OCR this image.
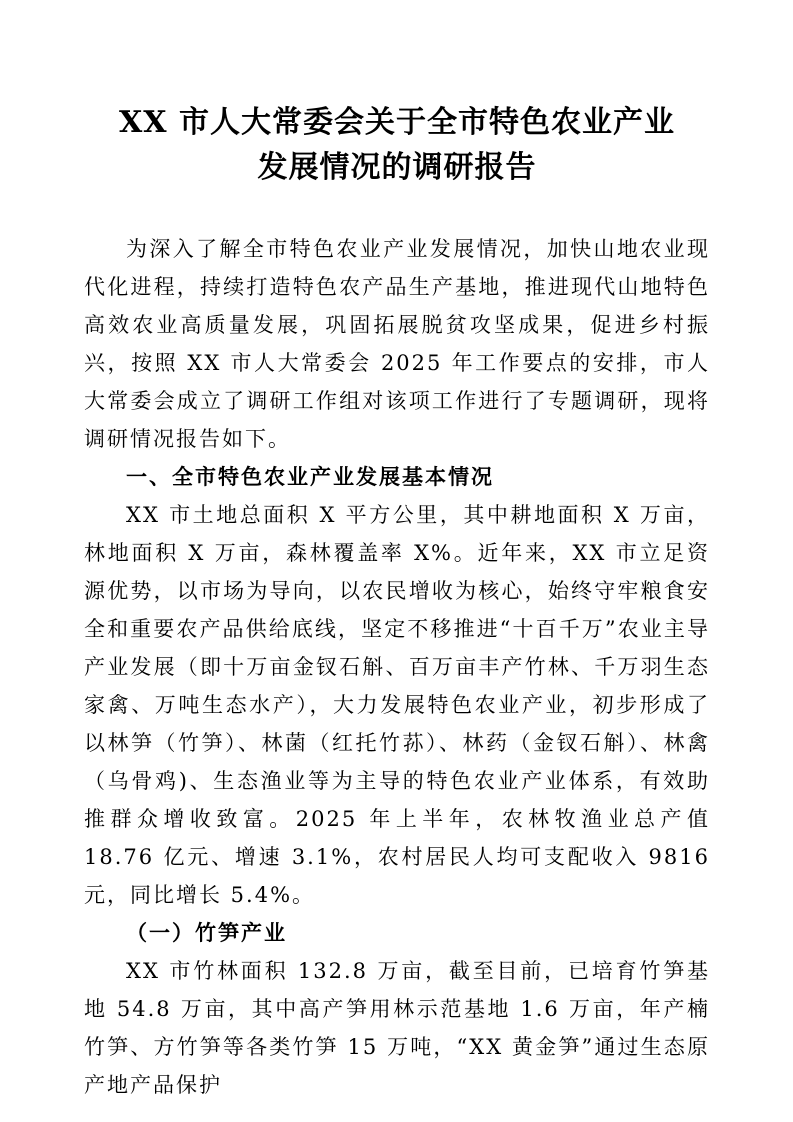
XX 市人大常委会关于全市特色农业产业
发展情况的调研报告

为深入了解全市特色农业产业发展情况，加快山地农业现代化进程，持续打造特色农产品生产基地，推进现代山地特色高效农业高质量发展，巩固拓展脱贫攻坚成果，促进乡村振兴，按照 XX 市人大常委会 2025 年工作要点的安排，市人大常委会成立了调研工作组对该项工作进行了专题调研，现将调研情况报告如下。

一、全市特色农业产业发展基本情况

XX 市土地总面积 X 平方公里，其中耕地面积 X 万亩，林地面积 X 万亩，森林覆盖率 X%。近年来，XX 市立足资源优势，以市场为导向，以农民增收为核心，始终守牢粮食安全和重要农产品供给底线，坚定不移推进“十百千万”农业主导产业发展（即十万亩金钗石斛、百万亩丰产竹林、千万羽生态家禽、万吨生态水产），大力发展特色农业产业，初步形成了以林笋（竹笋）、林菌（红托竹荪）、林药（金钗石斛）、林禽（乌骨鸡)、生态渔业等为主导的特色农业产业体系，有效助推群众增收致富。2025 年上半年，农林牧渔业总产值 18.76 亿元、增速 3.1%，农村居民人均可支配收入 9816 元，同比增长 5.4%。

（一）竹笋产业

XX 市竹林面积 132.8 万亩，截至目前，已培育竹笋基地 54.8 万亩，其中高产笋用林示范基地 1.6 万亩，年产楠竹笋、方竹笋等各类竹笋 15 万吨，“XX 黄金笋”通过生态原产地产品保护
